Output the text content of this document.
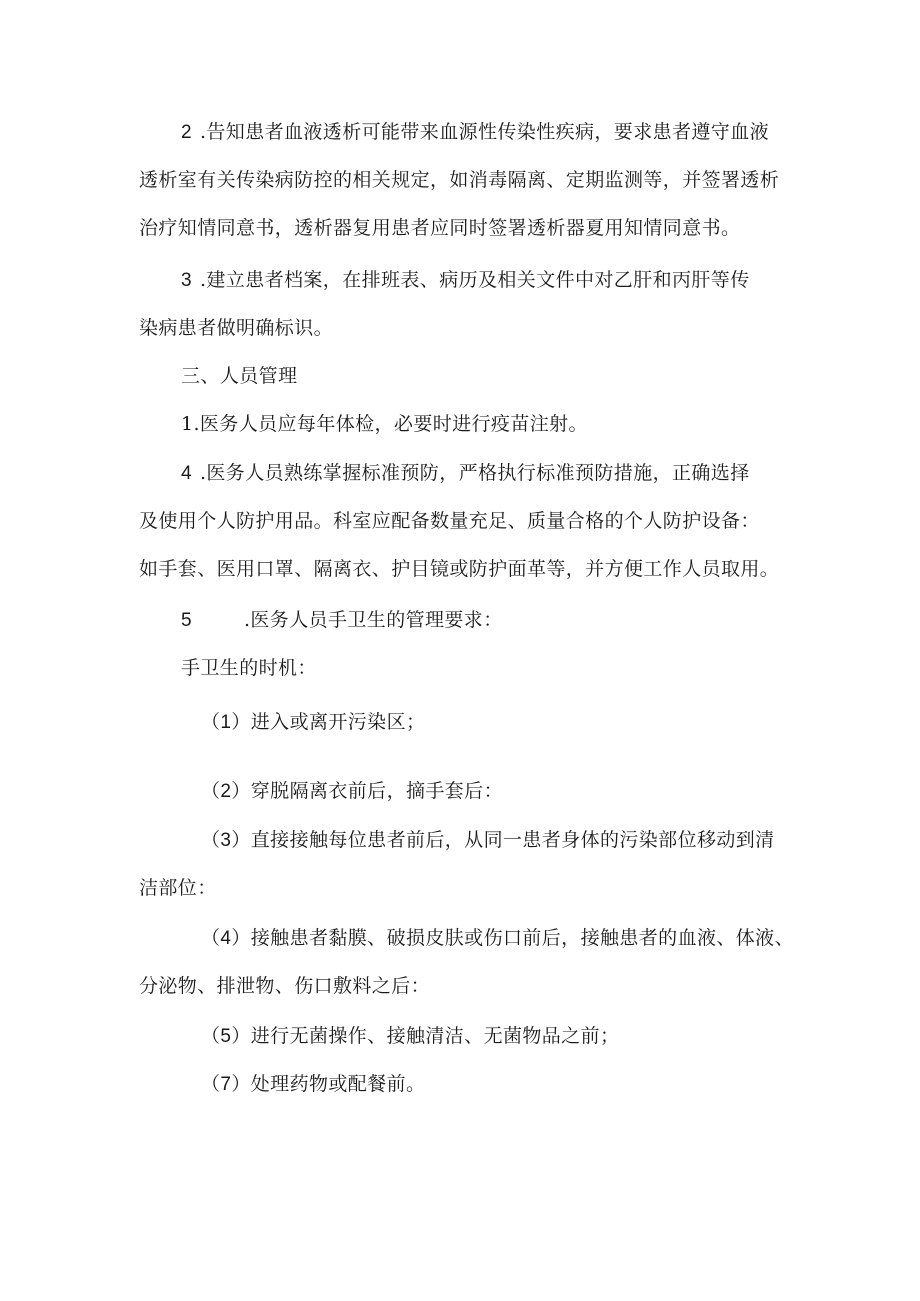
2 .告知患者血液透析可能带来血源性传染性疾病，要求患者遵守血液
透析室有关传染病防控的相关规定，如消毒隔离、定期监测等，并签署透析
治疗知情同意书，透析器复用患者应同时签署透析器夏用知情同意书。
3 .建立患者档案，在排班表、病历及相关文件中对乙肝和丙肝等传
染病患者做明确标识。
三、人员管理
1.医务人员应每年体检，必要时进行疫苗注射。
4 .医务人员熟练掌握标准预防，严格执行标准预防措施，正确选择
及使用个人防护用品。科室应配备数量充足、质量合格的个人防护设备：
如手套、医用口罩、隔离衣、护目镜或防护面革等，并方便工作人员取用。
5	.医务人员手卫生的管理要求：
手卫生的时机：
（1）进入或离开污染区；
（2）穿脱隔离衣前后，摘手套后：
（3）直接接触每位患者前后，从同一患者身体的污染部位移动到清
洁部位：
（4）接触患者黏膜、破损皮肤或伤口前后，接触患者的血液、体液、
分泌物、排泄物、伤口敷料之后：
（5）进行无菌操作、接触清洁、无菌物品之前；
（7）处理药物或配餐前。
